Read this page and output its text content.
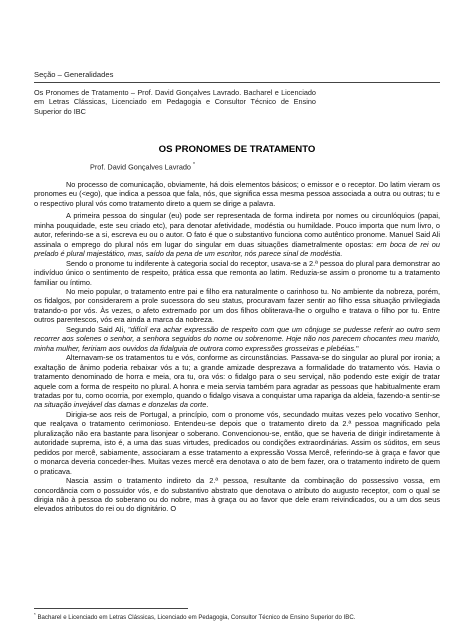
Seção – Generalidades
Os Pronomes de Tratamento – Prof. David Gonçalves Lavrado. Bacharel e Licenciado em Letras Clássicas, Licenciado em Pedagogia e Consultor Técnico de Ensino Superior do IBC
OS PRONOMES DE TRATAMENTO
Prof. David Gonçalves Lavrado *

No processo de comunicação, obviamente, há dois elementos básicos; o emissor e o receptor. Do latim vieram os pronomes eu (<ego), que indica a pessoa que fala, nós, que significa essa mesma pessoa associada a outra ou outras; tu e o respectivo plural vós como tratamento direto a quem se dirige a palavra.

A primeira pessoa do singular (eu) pode ser representada de forma indireta por nomes ou circunlóquios (papai, minha pouquidade, este seu criado etc), para denotar afetividade, modéstia ou humildade. Pouco importa que num livro, o autor, referindo-se a si, escreva eu ou o autor. O fato é que o substantivo funciona como autêntico pronome. Manuel Said Ali assinala o emprego do plural nós em lugar do singular em duas situações diametralmente opostas: em boca de rei ou prelado é plural majestático, mas, saído da pena de um escritor, nós parece sinal de modéstia.

Sendo o pronome tu indiferente à categoria social do receptor, usava-se a 2.ª pessoa do plural para demonstrar ao indivíduo único o sentimento de respeito, prática essa que remonta ao latim. Reduzia-se assim o pronome tu a tratamento familiar ou íntimo.

No meio popular, o tratamento entre pai e filho era naturalmente o carinhoso tu. No ambiente da nobreza, porém, os fidalgos, por considerarem a prole sucessora do seu status, procuravam fazer sentir ao filho essa situação privilegiada tratando-o por vós. Às vezes, o afeto extremado por um dos filhos obliterava-lhe o orgulho e tratava o filho por tu. Entre outros parentescos, vós era ainda a marca da nobreza.

Segundo Said Ali, "difícil era achar expressão de respeito com que um cônjuge se pudesse referir ao outro sem recorrer aos solenes o senhor, a senhora seguidos do nome ou sobrenome. Hoje não nos parecem chocantes meu marido, minha mulher, feririam aos ouvidos da fidalguia de outrora como expressões grosseiras e plebéias."

Alternavam-se os tratamentos tu e vós, conforme as circunstâncias. Passava-se do singular ao plural por ironia; a exaltação de ânimo poderia rebaixar vós a tu; a grande amizade desprezava a formalidade do tratamento vós. Havia o tratamento denominado de horra e meia, ora tu, ora vós: o fidalgo para o seu serviçal, não podendo este exigir de tratar aquele com a forma de respeito no plural. A honra e meia servia também para agradar as pessoas que habitualmente eram tratadas por tu, como ocorria, por exemplo, quando o fidalgo visava a conquistar uma rapariga da aldeia, fazendo-a sentir-se na situação invejável das damas e donzelas da corte.

Dirigia-se aos reis de Portugal, a princípio, com o pronome vós, secundado muitas vezes pelo vocativo Senhor, que realçava o tratamento cerimonioso. Entendeu-se depois que o tratamento direto da 2.ª pessoa magnificado pela pluralização não era bastante para lisonjear o soberano. Convencionou-se, então, que se haveria de dirigir indiretamente à autoridade suprema, isto é, a uma das suas virtudes, predicados ou condições extraordinárias. Assim os súditos, em seus pedidos por mercê, sabiamente, associaram a esse tratamento a expressão Vossa Mercê, referindo-se à graça e favor que o monarca deveria conceder-lhes. Muitas vezes mercê era denotava o ato de bem fazer, ora o tratamento indireto de quem o praticava.

Nascia assim o tratamento indireto da 2.ª pessoa, resultante da combinação do possessivo vossa, em concordância com o possuidor vós, e do substantivo abstrato que denotava o atributo do augusto receptor, com o qual se dirigia não à pessoa do soberano ou do nobre, mas à graça ou ao favor que dele eram reivindicados, ou a um dos seus elevados atributos do rei ou do dignitário. O

* Bacharel e Licenciado em Letras Clássicas, Licenciado em Pedagogia, Consultor Técnico de Ensino Superior do IBC.
